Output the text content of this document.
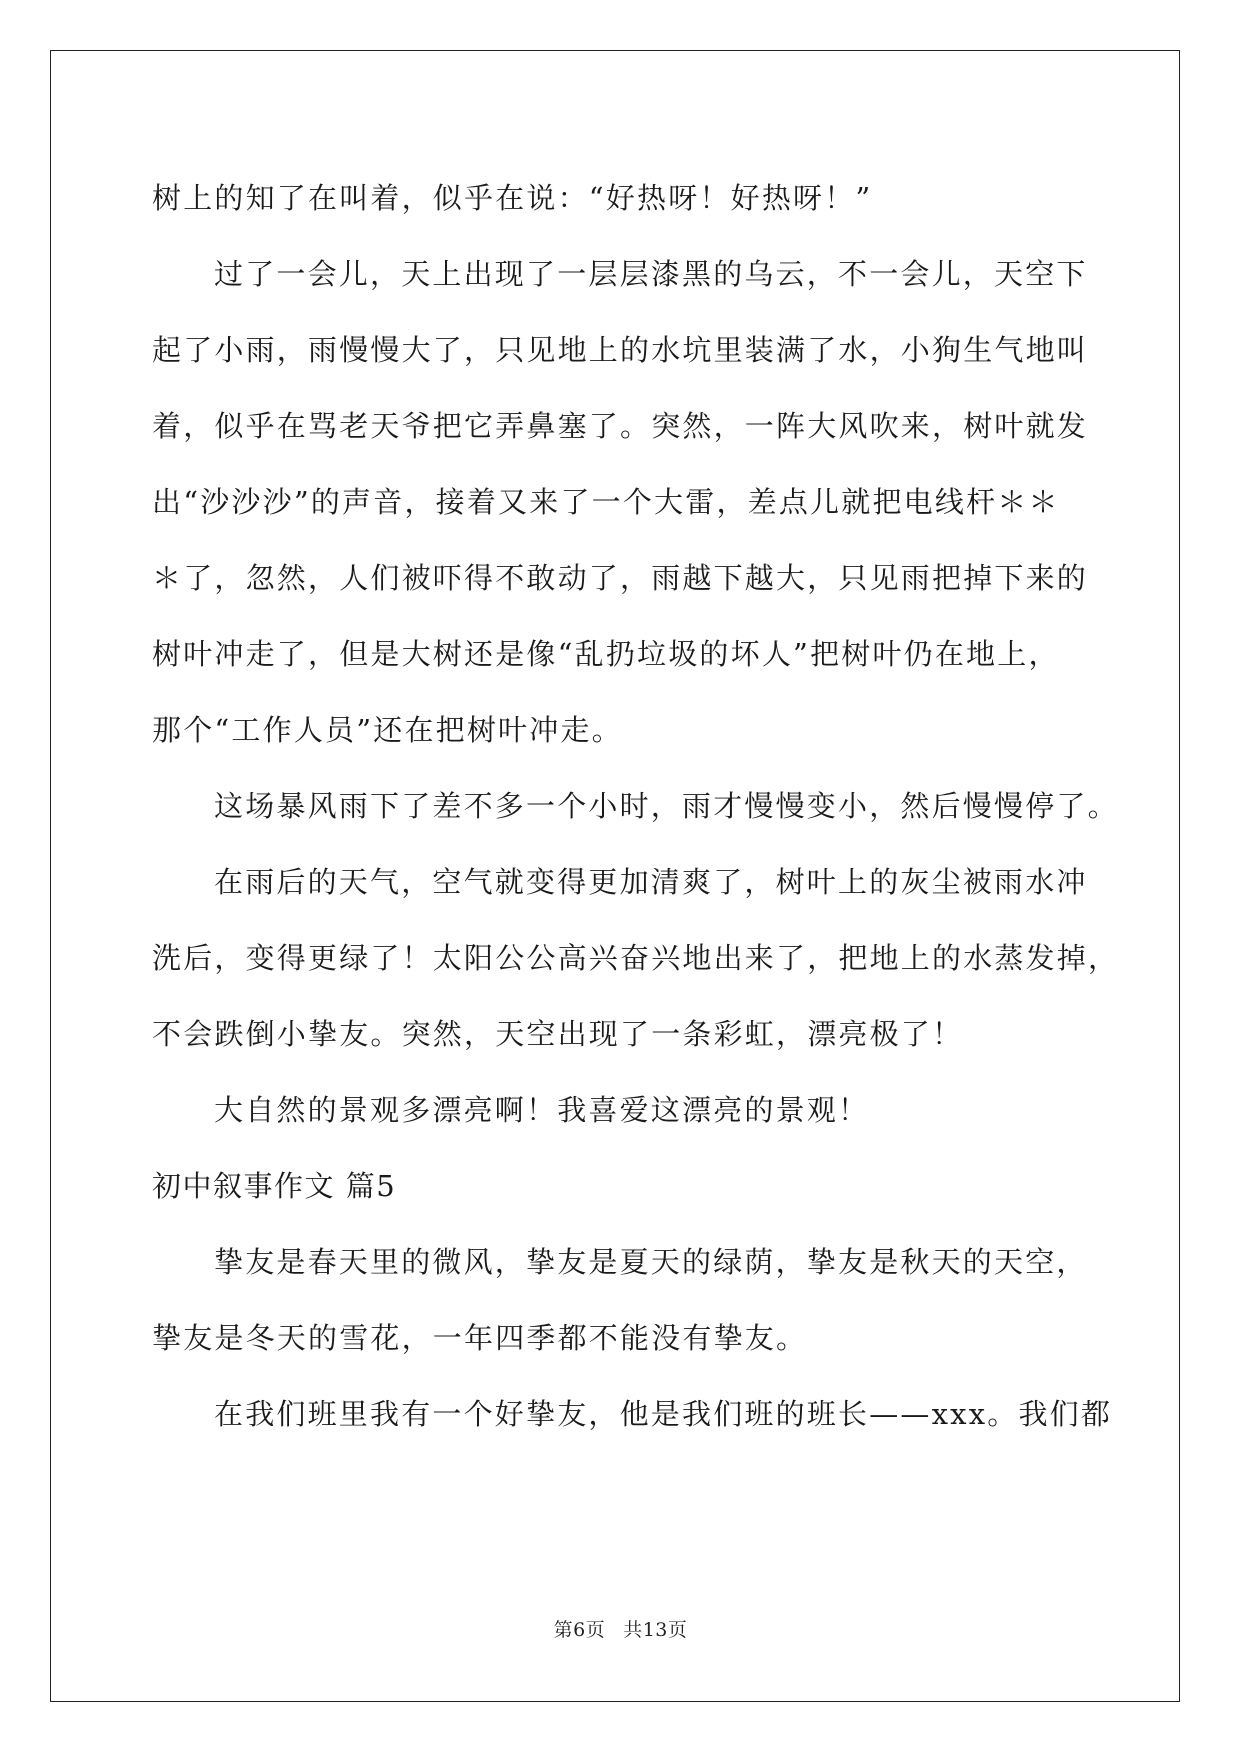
树上的知了在叫着，似乎在说：“好热呀！好热呀！”
过了一会儿，天上出现了一层层漆黑的乌云，不一会儿，天空下
起了小雨，雨慢慢大了，只见地上的水坑里装满了水，小狗生气地叫
着，似乎在骂老天爷把它弄鼻塞了。突然，一阵大风吹来，树叶就发
出“沙沙沙”的声音，接着又来了一个大雷，差点儿就把电线杆＊＊
＊了，忽然，人们被吓得不敢动了，雨越下越大，只见雨把掉下来的
树叶冲走了，但是大树还是像“乱扔垃圾的坏人”把树叶仍在地上，
那个“工作人员”还在把树叶冲走。
这场暴风雨下了差不多一个小时，雨才慢慢变小，然后慢慢停了。
在雨后的天气，空气就变得更加清爽了，树叶上的灰尘被雨水冲
洗后，变得更绿了！太阳公公高兴奋兴地出来了，把地上的水蒸发掉，
不会跌倒小挚友。突然，天空出现了一条彩虹，漂亮极了！
大自然的景观多漂亮啊！我喜爱这漂亮的景观！
初中叙事作文 篇5
挚友是春天里的微风，挚友是夏天的绿荫，挚友是秋天的天空，
挚友是冬天的雪花，一年四季都不能没有挚友。
在我们班里我有一个好挚友，他是我们班的班长——xxx。我们都
第6页 共13页
